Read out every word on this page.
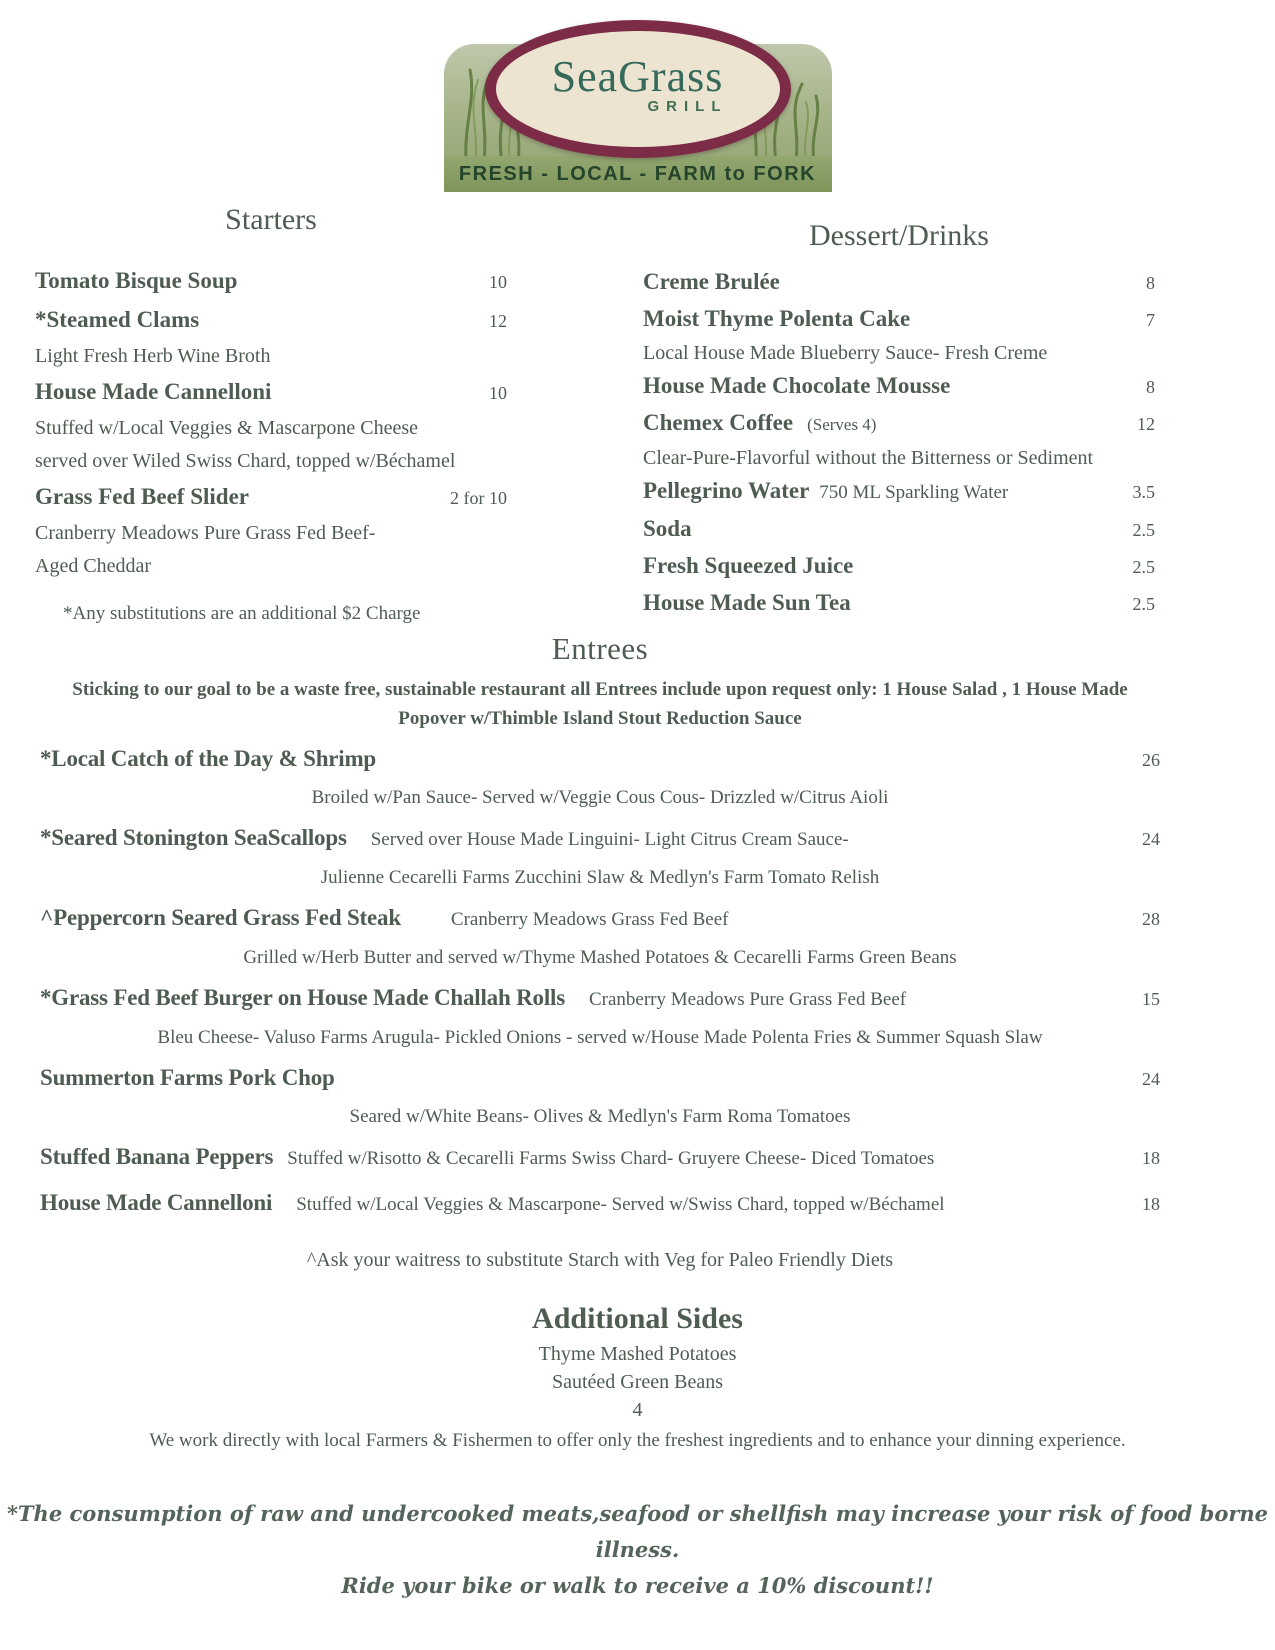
FRESH - LOCAL - FARM to FORK
SeaGrass
GRILL
Starters
Tomato Bisque Soup	10
*Steamed Clams	12
Light Fresh Herb Wine Broth
House Made Cannelloni	10
Stuffed w/Local Veggies & Mascarpone Cheese
served over Wiled Swiss Chard, topped w/Béchamel
Grass Fed Beef Slider	2 for 10
Cranberry Meadows Pure Grass Fed Beef-
Aged Cheddar
*Any substitutions are an additional $2 Charge
Dessert/Drinks
Creme Brulée	8
Moist Thyme Polenta Cake	7
Local House Made Blueberry Sauce- Fresh Creme
House Made Chocolate Mousse	8
Chemex Coffee (Serves 4)	12
Clear-Pure-Flavorful without the Bitterness or Sediment
Pellegrino Water 750 ML Sparkling Water	3.5
Soda	2.5
Fresh Squeezed Juice	2.5
House Made Sun Tea	2.5
Entrees
Sticking to our goal to be a waste free, sustainable restaurant all Entrees include upon request only: 1 House Salad , 1 House Made Popover w/Thimble Island Stout Reduction Sauce
*Local Catch of the Day & Shrimp	26
Broiled w/Pan Sauce- Served w/Veggie Cous Cous- Drizzled w/Citrus Aioli
*Seared Stonington SeaScallops Served over House Made Linguini- Light Citrus Cream Sauce-	24
Julienne Cecarelli Farms Zucchini Slaw & Medlyn's Farm Tomato Relish
^Peppercorn Seared Grass Fed Steak	Cranberry Meadows Grass Fed Beef	28
Grilled w/Herb Butter and served w/Thyme Mashed Potatoes & Cecarelli Farms Green Beans
*Grass Fed Beef Burger on House Made Challah Rolls Cranberry Meadows Pure Grass Fed Beef	15
Bleu Cheese- Valuso Farms Arugula- Pickled Onions - served w/House Made Polenta Fries & Summer Squash Slaw
Summerton Farms Pork Chop	24
Seared w/White Beans- Olives & Medlyn's Farm Roma Tomatoes
Stuffed Banana Peppers Stuffed w/Risotto & Cecarelli Farms Swiss Chard- Gruyere Cheese- Diced Tomatoes	18
House Made Cannelloni Stuffed w/Local Veggies & Mascarpone- Served w/Swiss Chard, topped w/Béchamel	18
^Ask your waitress to substitute Starch with Veg for Paleo Friendly Diets
Additional Sides
Thyme Mashed Potatoes
Sautéed Green Beans
4
We work directly with local Farmers & Fishermen to offer only the freshest ingredients and to enhance your dinning experience.
*The consumption of raw and undercooked meats,seafood or shellfish may increase your risk of food borne illness.
Ride your bike or walk to receive a 10% discount!!
